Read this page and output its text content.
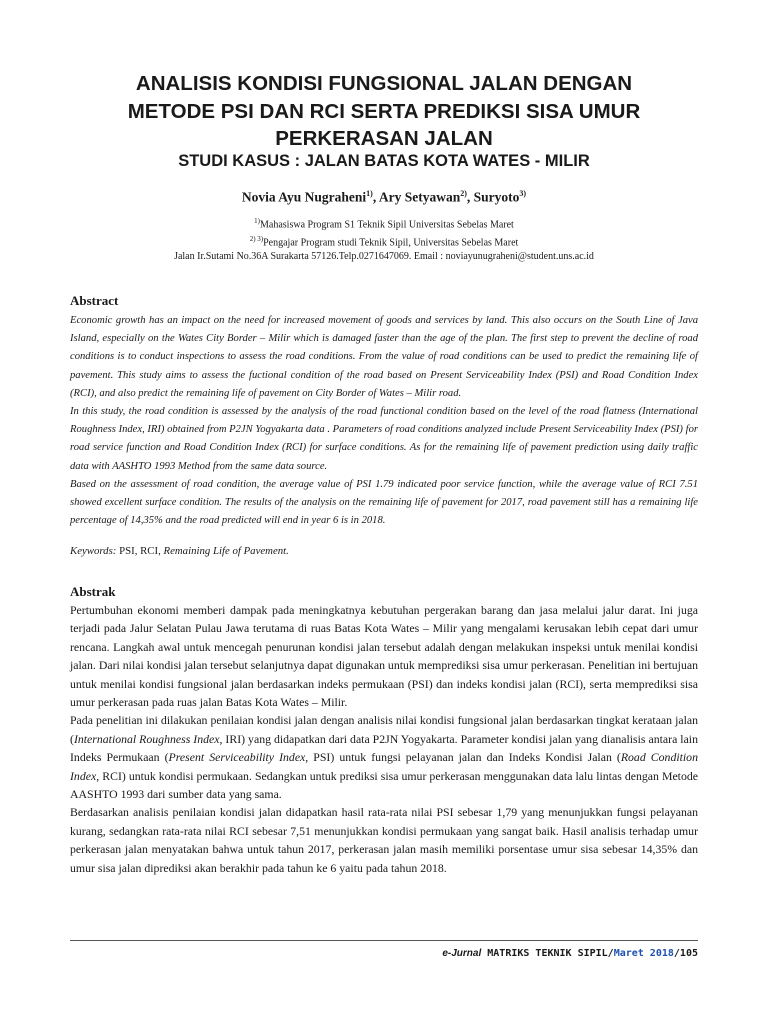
ANALISIS KONDISI FUNGSIONAL JALAN DENGAN
METODE PSI DAN RCI SERTA PREDIKSI SISA UMUR
PERKERASAN JALAN
STUDI KASUS : JALAN BATAS KOTA WATES - MILIR
Novia Ayu Nugraheni$^{1)}$, Ary Setyawan$^{2)}$, Suryoto$^{3)}$
$^{1)}$Mahasiswa Program S1 Teknik Sipil Universitas Sebelas Maret
$^{2) 3)}$Pengajar Program studi Teknik Sipil, Universitas Sebelas Maret
Jalan Ir.Sutami No.36A Surakarta 57126.Telp.0271647069. Email : noviayunugraheni@student.uns.ac.id
Abstract

Economic growth has an impact on the need for increased movement of goods and services by land. This also occurs on the South Line of Java Island, especially on the Wates City Border – Milir which is damaged faster than the age of the plan. The first step to prevent the decline of road conditions is to conduct inspections to assess the road conditions. From the value of road conditions can be used to predict the remaining life of pavement. This study aims to assess the fuctional condition of the road based on Present Serviceability Index (PSI) and Road Condition Index (RCI), and also predict the remaining life of pavement on City Border of Wates – Milir road.

In this study, the road condition is assessed by the analysis of the road functional condition based on the level of the road flatness (International Roughness Index, IRI) obtained from P2JN Yogyakarta data . Parameters of road conditions analyzed include Present Serviceability Index (PSI) for road service function and Road Condition Index (RCI) for surface conditions. As for the remaining life of pavement prediction using daily traffic data with AASHTO 1993 Method from the same data source.

Based on the assessment of road condition, the average value of PSI 1.79 indicated poor service function, while the average value of RCI 7.51 showed excellent surface condition. The results of the analysis on the remaining life of pavement for 2017, road pavement still has a remaining life percentage of 14,35% and the road predicted will end in year 6 is in 2018.

Keywords: PSI, RCI, Remaining Life of Pavement.
Abstrak

Pertumbuhan ekonomi memberi dampak pada meningkatnya kebutuhan pergerakan barang dan jasa melalui jalur darat. Ini juga terjadi pada Jalur Selatan Pulau Jawa terutama di ruas Batas Kota Wates – Milir yang mengalami kerusakan lebih cepat dari umur rencana. Langkah awal untuk mencegah penurunan kondisi jalan tersebut adalah dengan melakukan inspeksi untuk menilai kondisi jalan. Dari nilai kondisi jalan tersebut selanjutnya dapat digunakan untuk memprediksi sisa umur perkerasan. Penelitian ini bertujuan untuk menilai kondisi fungsional jalan berdasarkan indeks permukaan (PSI) dan indeks kondisi jalan (RCI), serta memprediksi sisa umur perkerasan pada ruas jalan Batas Kota Wates – Milir.

Pada penelitian ini dilakukan penilaian kondisi jalan dengan analisis nilai kondisi fungsional jalan berdasarkan tingkat kerataan jalan (International Roughness Index, IRI) yang didapatkan dari data P2JN Yogyakarta. Parameter kondisi jalan yang dianalisis antara lain Indeks Permukaan (Present Serviceability Index, PSI) untuk fungsi pelayanan jalan dan Indeks Kondisi Jalan (Road Condition Index, RCI) untuk kondisi permukaan. Sedangkan untuk prediksi sisa umur perkerasan menggunakan data lalu lintas dengan Metode AASHTO 1993 dari sumber data yang sama.

Berdasarkan analisis penilaian kondisi jalan didapatkan hasil rata-rata nilai PSI sebesar 1,79 yang menunjukkan fungsi pelayanan kurang, sedangkan rata-rata nilai RCI sebesar 7,51 menunjukkan kondisi permukaan yang sangat baik. Hasil analisis terhadap umur perkerasan jalan menyatakan bahwa untuk tahun 2017, perkerasan jalan masih memiliki porsentase umur sisa sebesar 14,35% dan umur sisa jalan diprediksi akan berakhir pada tahun ke 6 yaitu pada tahun 2018.

e-Jurnal MATRIKS TEKNIK SIPIL/Maret 2018/105
